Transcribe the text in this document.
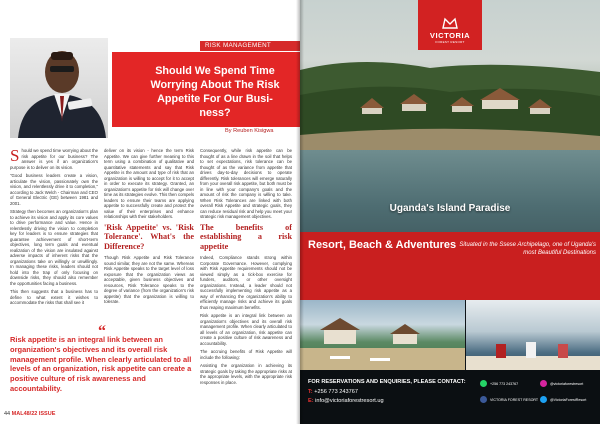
RISK MANAGEMENT
Should We Spend Time
Worrying About The Risk
Appetite For Our Busi-
ness?
By Reuben Kisigwa

Should we spend time worrying about the risk appetite for our business? The answer is yes if an organization's purpose is to deliver on its vision.

"Good business leaders create a vision, articulate the vision, passionately own the vision, and relentlessly drive it to completion," according to Jack Welch - Chairman and CEO of General Electric (GE) between 1981 and 2001.

Strategy then becomes an organization's plan to achieve its vision and apply its core values to drive performance and value. Hence in relentlessly driving the vision to completion key for leaders is to ensure strategies that guarantee achievement of short-term objectives, long term goals and eventual realization of the vision are insulated against adverse impacts of inherent risks that the organizations take on willingly or unwillingly. In managing these risks, leaders should not hold into the trap of only focusing on downside risks, they should also remember the opportunities facing a business.

This then suggests that a business has to define to what extent it wishes to accommodate the risks that shall see it

deliver on its vision - hence the term Risk Appetite. We can give further meaning to this term using a combination of qualitative and quantitative statements and say that Risk Appetite is the amount and type of risk that an organization is willing to accept for it to accept in order to execute its strategy. Granted, an organization's appetite for risk will change over time as its strategies evolve. This then compels leaders to ensure their teams are applying appetite to successfully create and protect the value of their enterprises and enhance relationships with their stakeholders.

'Risk Appetite' vs. 'Risk Tolerance'. What's the Difference?

Though Risk Appetite and Risk Tolerance sound similar, they are not the same. Whereas Risk Appetite speaks to the target level of loss exposure that the organization views as acceptable, given business objectives and resources, Risk Tolerance speaks to the degree of variance (from the organization's risk appetite) that the organization is willing to tolerate.

Consequently, while risk appetite can be thought of as a line drawn in the soil that helps to set expectations, risk tolerance can be thought of as the variance from appetite that drives day-to-day decisions to operate differently. Risk tolerances will emerge naturally from your overall risk appetite, but both must be in line with your company's goals and the amount of risk the company is willing to take. When Risk Tolerances are linked with both overall Risk Appetite and strategic goals, they can reduce residual risk and help you meet your strategic risk management objectives.

The benefits of establishing a risk appetite

Indeed, Compliance stands strong within Corporate Governance. However, complying with Risk Appetite requirements should not be viewed simply as a tick-box exercise for funders, auditors, or other oversight organizations. Instead, a leader should not successfully implementing risk appetite as a way of enhancing the organization's ability to efficiently manage risks and achieve its goals thus reaping maximum benefits.

Risk appetite is an integral link between an organization's objectives and its overall risk management profile. When clearly articulated to all levels of an organization, risk appetite can create a positive culture of risk awareness and accountability.

The accruing benefits of Risk Appetite will include the following:

Assisting the organization in achieving its strategic goals by taking the appropriate risks at the appropriate levels, with the appropriate risk responses in place.

“
Risk appetite is an integral link between an organization's objectives and its overall risk management profile. When clearly articulated to all levels of an organization, risk appetite can create a positive culture of risk awareness and accountability.
44 MAL48/22 ISSUE
VICTORIA
FOREST RESORT
Uganda's Island Paradise
Resort, Beach & Adventures Situated in the Ssese Archipelago, one of Uganda's most Beautiful Destinations
FOR RESERVATIONS AND ENQUIRIES, PLEASE CONTACT:
T: +256 773 243767
E: info@victoriaforestresort.ug
+256 773 243767	@victoriaforestresort
VICTORIA FOREST RESORT	@VictoriaForestResort
